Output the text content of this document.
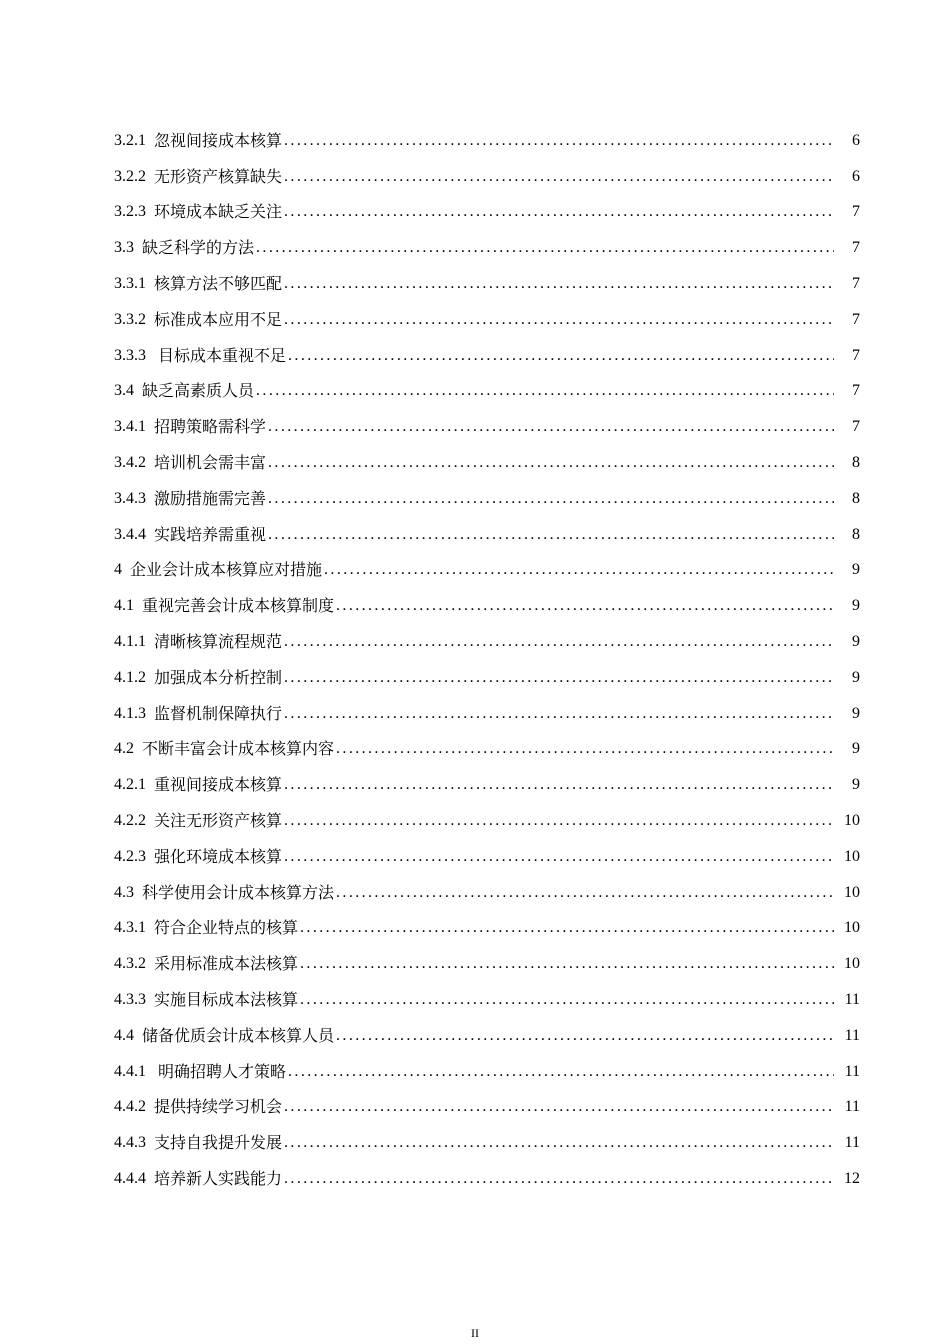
3.2.1 忽视间接成本核算 .....	6
3.2.2 无形资产核算缺失 .....	6
3.2.3 环境成本缺乏关注 .....	7
3.3 缺乏科学的方法 .....	7
3.3.1 核算方法不够匹配 .....	7
3.3.2 标准成本应用不足 .....	7
3.3.3 目标成本重视不足 .....	7
3.4 缺乏高素质人员 .....	7
3.4.1 招聘策略需科学 .....	7
3.4.2 培训机会需丰富 .....	8
3.4.3 激励措施需完善 .....	8
3.4.4 实践培养需重视 .....	8
4 企业会计成本核算应对措施 .....	9
4.1 重视完善会计成本核算制度 .....	9
4.1.1 清晰核算流程规范 .....	9
4.1.2 加强成本分析控制 .....	9
4.1.3 监督机制保障执行 .....	9
4.2 不断丰富会计成本核算内容 .....	9
4.2.1 重视间接成本核算 .....	9
4.2.2 关注无形资产核算 .....	10
4.2.3 强化环境成本核算 .....	10
4.3 科学使用会计成本核算方法 .....	10
4.3.1 符合企业特点的核算 .....	10
4.3.2 采用标准成本法核算 .....	10
4.3.3 实施目标成本法核算 .....	11
4.4 储备优质会计成本核算人员 .....	11
4.4.1 明确招聘人才策略 .....	11
4.4.2 提供持续学习机会 .....	11
4.4.3 支持自我提升发展 .....	11
4.4.4 培养新人实践能力 .....	12
II
